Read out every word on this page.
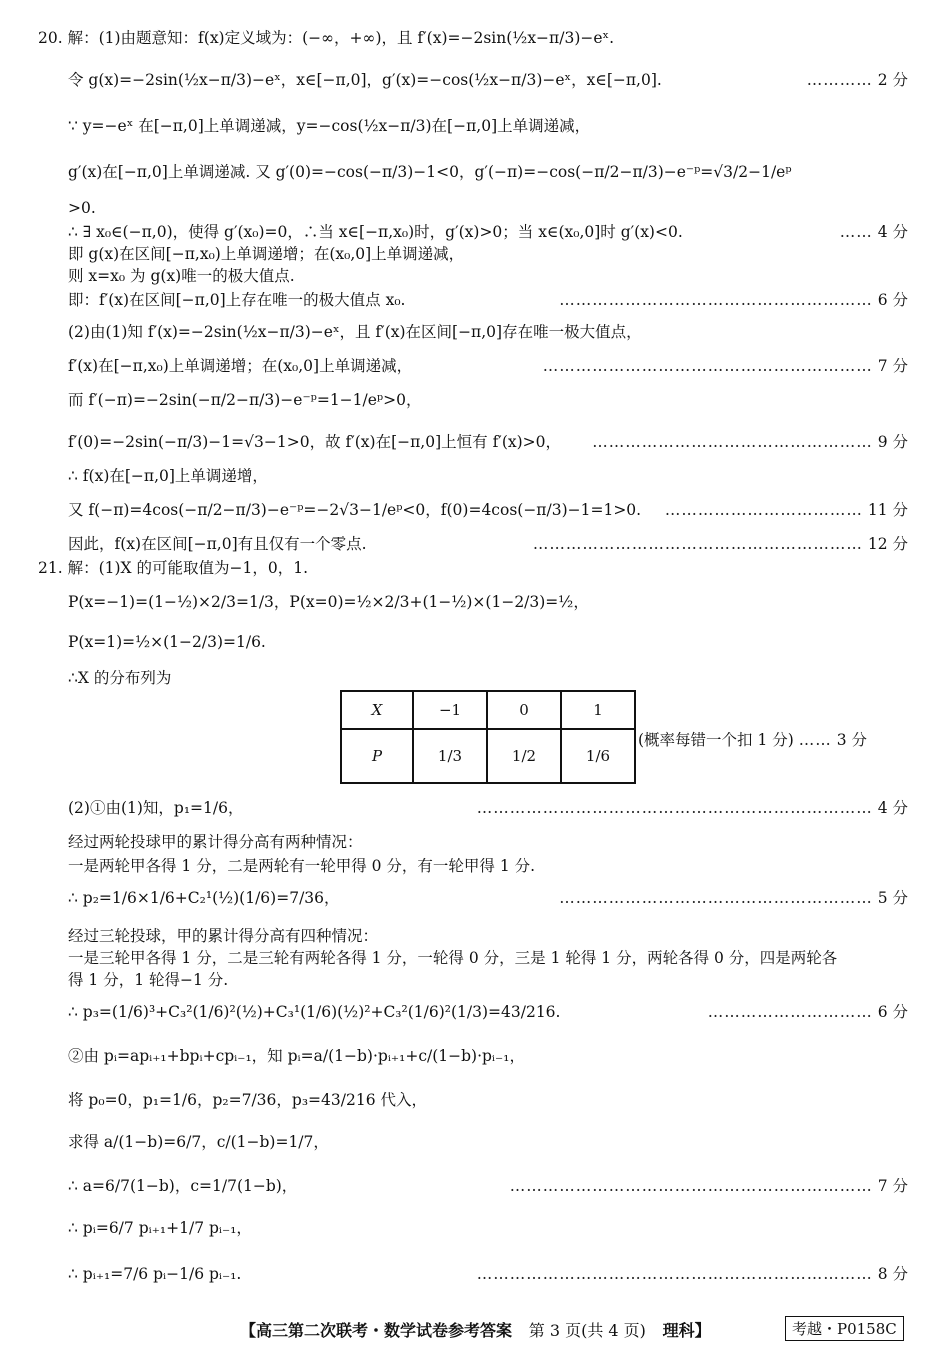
20. 解：(1)由题意知：f(x)定义域为：(−∞，+∞)，且 f′(x)=−2sin(½x−π/3)−eˣ.
令 g(x)=−2sin(½x−π/3)−eˣ，x∈[−π,0]，g′(x)=−cos(½x−π/3)−eˣ，x∈[−π,0].	………… 2 分
∵ y=−eˣ 在[−π,0]上单调递减，y=−cos(½x−π/3)在[−π,0]上单调递减，
g′(x)在[−π,0]上单调递减. 又 g′(0)=−cos(−π/3)−1<0，g′(−π)=−cos(−π/2−π/3)−e⁻ᵖ=√3/2−1/eᵖ
>0.
∴ ∃ x₀∈(−π,0)，使得 g′(x₀)=0，∴当 x∈[−π,x₀)时，g′(x)>0；当 x∈(x₀,0]时 g′(x)<0.	…… 4 分
即 g(x)在区间[−π,x₀)上单调递增；在(x₀,0]上单调递减，
则 x=x₀ 为 g(x)唯一的极大值点.
即：f′(x)在区间[−π,0]上存在唯一的极大值点 x₀.	………………………………………………… 6 分
(2)由(1)知 f′(x)=−2sin(½x−π/3)−eˣ，且 f′(x)在区间[−π,0]存在唯一极大值点，
f′(x)在[−π,x₀)上单调递增；在(x₀,0]上单调递减，	…………………………………………………… 7 分
而 f′(−π)=−2sin(−π/2−π/3)−e⁻ᵖ=1−1/eᵖ>0，
f′(0)=−2sin(−π/3)−1=√3−1>0，故 f′(x)在[−π,0]上恒有 f′(x)>0， …………………………………………… 9 分
∴ f(x)在[−π,0]上单调递增，
又 f(−π)=4cos(−π/2−π/3)−e⁻ᵖ=−2√3−1/eᵖ<0，f(0)=4cos(−π/3)−1=1>0. ……………………………… 11 分
因此，f(x)在区间[−π,0]有且仅有一个零点.	…………………………………………………… 12 分
21. 解：(1)X 的可能取值为−1，0，1.
P(x=−1)=(1−½)×2/3=1/3，P(x=0)=½×2/3+(1−½)×(1−2/3)=½，
P(x=1)=½×(1−2/3)=1/6.
∴X 的分布列为
X	−1	0	1
P	1/3	1/2	1/6
(概率每错一个扣 1 分) …… 3 分
(2)①由(1)知，p₁=1/6，	……………………………………………………………… 4 分
经过两轮投球甲的累计得分高有两种情况：
一是两轮甲各得 1 分，二是两轮有一轮甲得 0 分，有一轮甲得 1 分.
∴ p₂=1/6×1/6+C₂¹(½)(1/6)=7/36，	………………………………………………… 5 分
经过三轮投球，甲的累计得分高有四种情况：
一是三轮甲各得 1 分，二是三轮有两轮各得 1 分，一轮得 0 分，三是 1 轮得 1 分，两轮各得 0 分，四是两轮各
得 1 分，1 轮得−1 分.
∴ p₃=(1/6)³+C₃²(1/6)²(½)+C₃¹(1/6)(½)²+C₃²(1/6)²(1/3)=43/216.	………………………… 6 分
②由 pᵢ=apᵢ₊₁+bpᵢ+cpᵢ₋₁，知 pᵢ=a/(1−b)·pᵢ₊₁+c/(1−b)·pᵢ₋₁，
将 p₀=0，p₁=1/6，p₂=7/36，p₃=43/216 代入，
求得 a/(1−b)=6/7，c/(1−b)=1/7，
∴ a=6/7(1−b)，c=1/7(1−b)，	………………………………………………………… 7 分
∴ pᵢ=6/7 pᵢ₊₁+1/7 pᵢ₋₁，
∴ pᵢ₊₁=7/6 pᵢ−1/6 pᵢ₋₁.	……………………………………………………………… 8 分
【高三第二次联考・数学试卷参考答案 第 3 页(共 4 页) 理科】	考越・P0158C
